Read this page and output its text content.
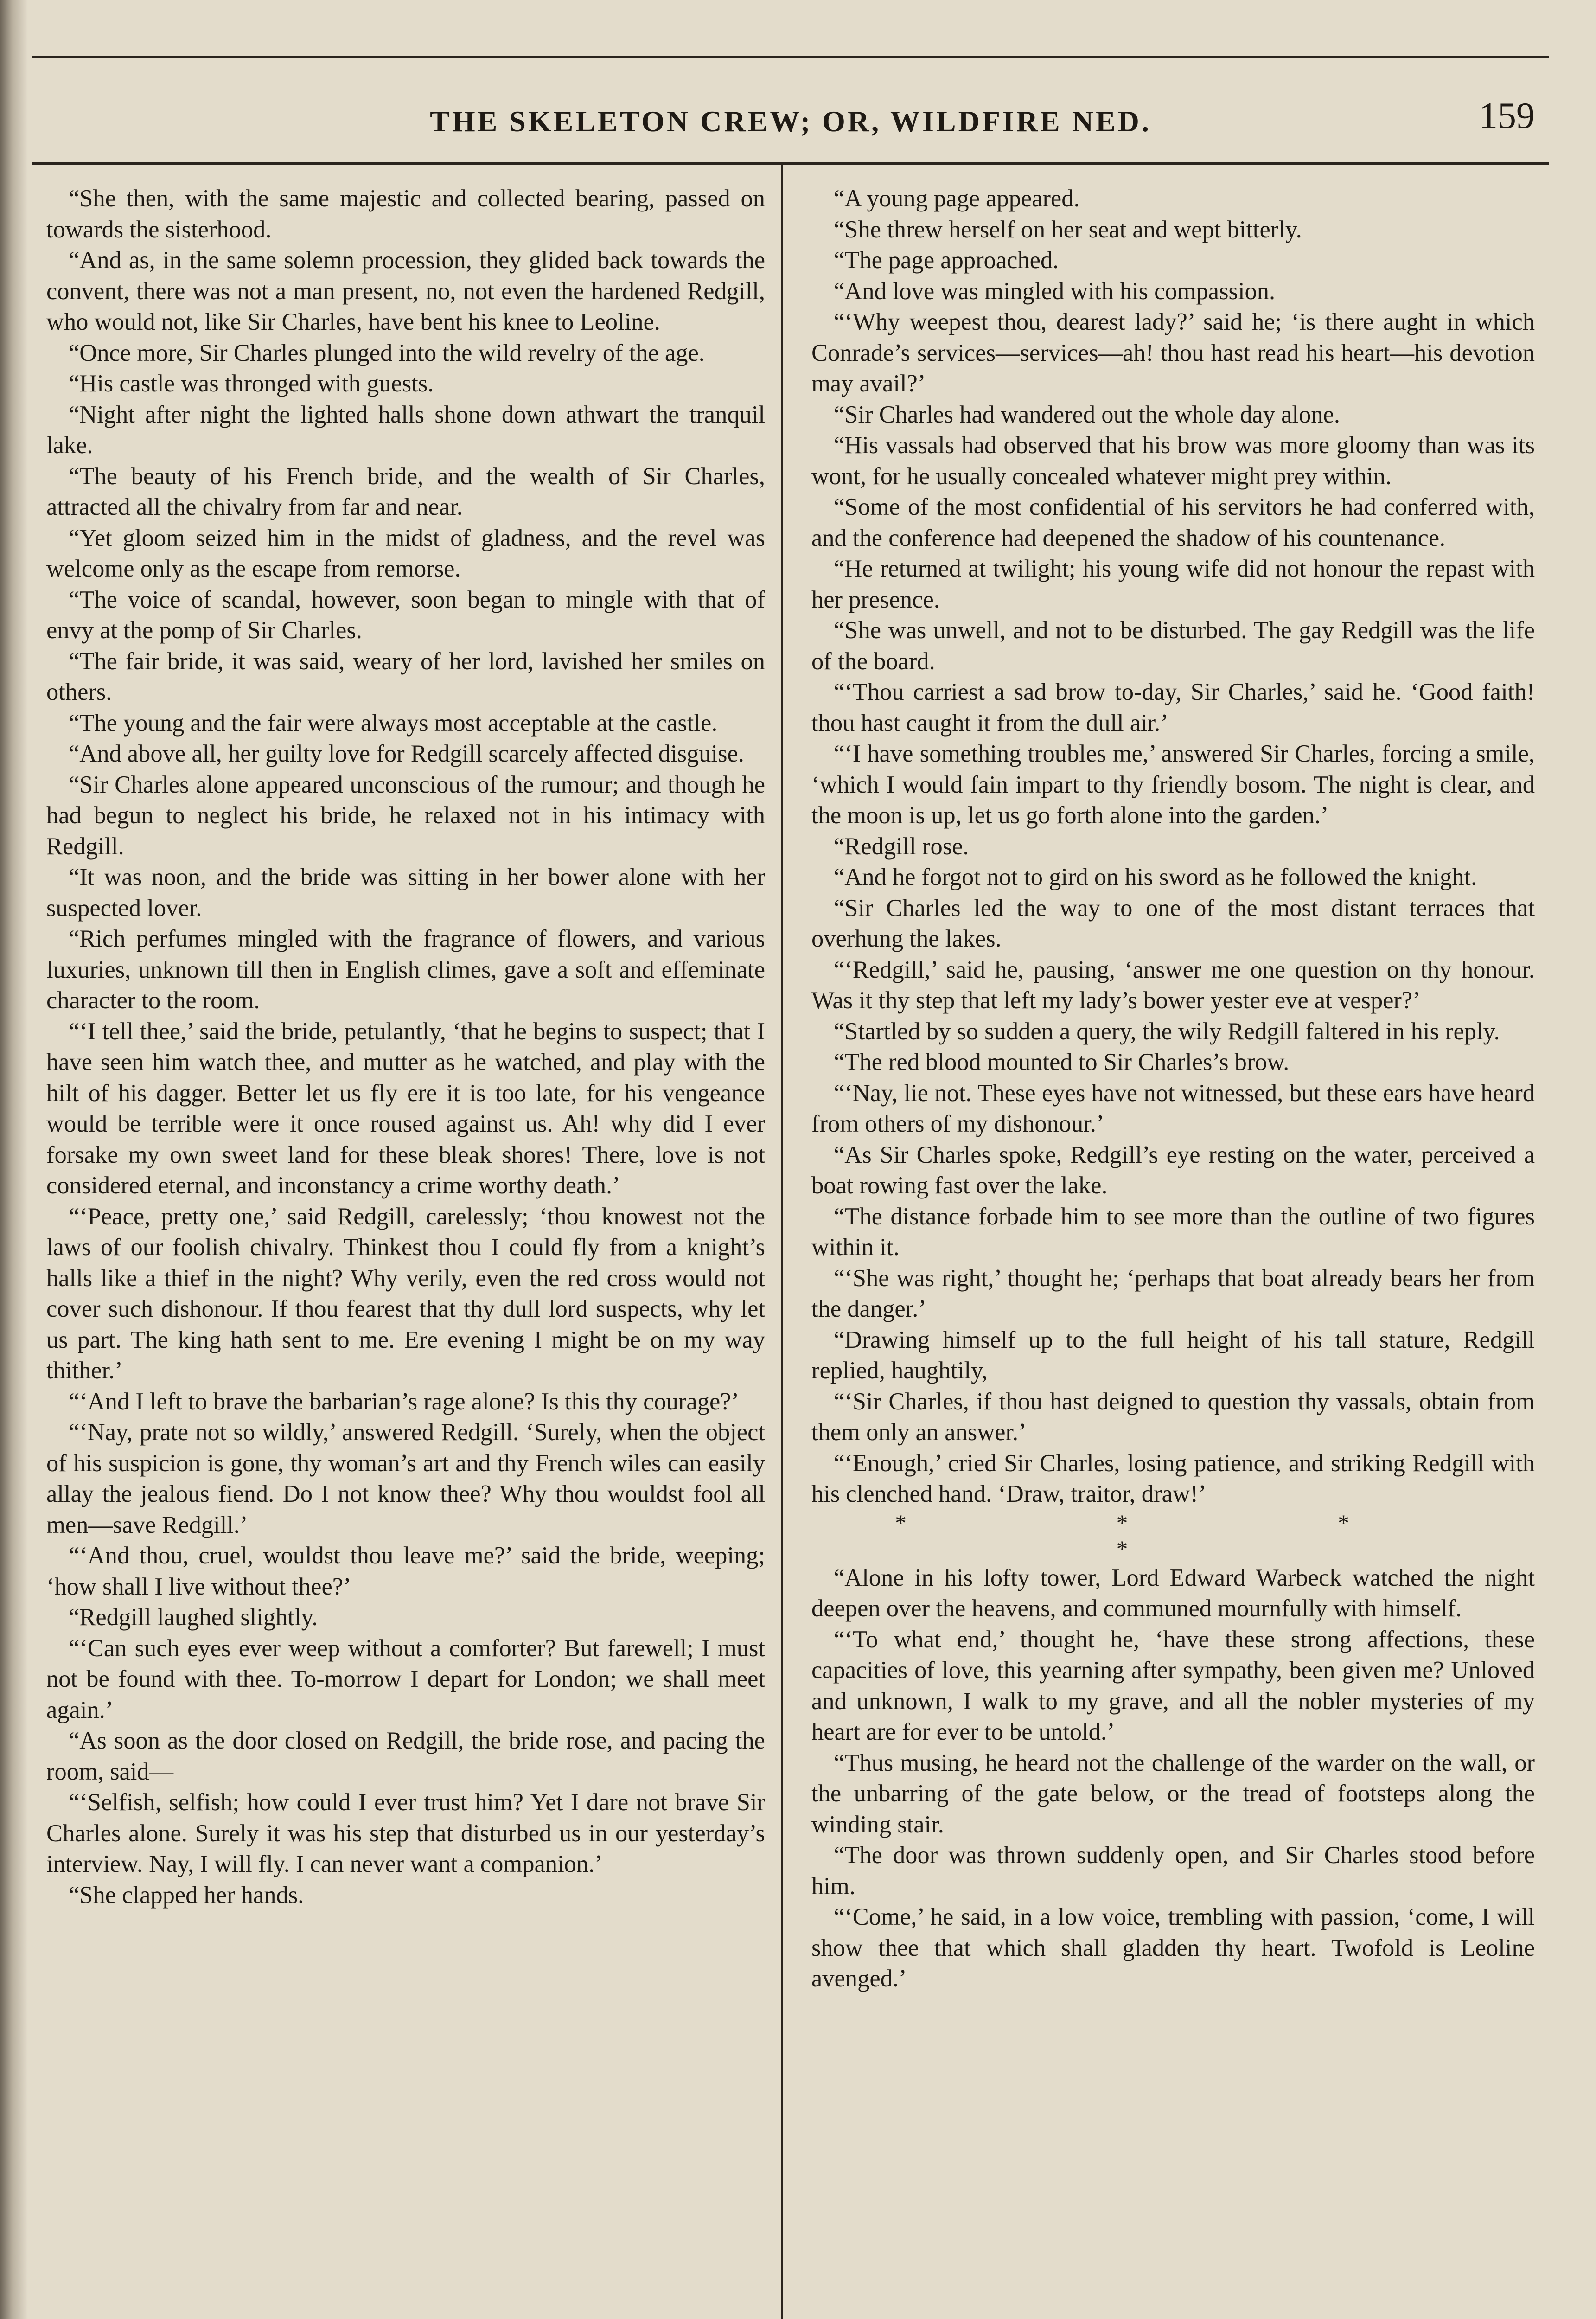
THE SKELETON CREW; OR, WILDFIRE NED.	159

“She then, with the same majestic and collected bearing, passed on towards the sisterhood.

“And as, in the same solemn procession, they glided back towards the convent, there was not a man present, no, not even the hardened Redgill, who would not, like Sir Charles, have bent his knee to Leoline.

“Once more, Sir Charles plunged into the wild revelry of the age.

“His castle was thronged with guests.

“Night after night the lighted halls shone down athwart the tranquil lake.

“The beauty of his French bride, and the wealth of Sir Charles, attracted all the chivalry from far and near.

“Yet gloom seized him in the midst of gladness, and the revel was welcome only as the escape from remorse.

“The voice of scandal, however, soon began to mingle with that of envy at the pomp of Sir Charles.

“The fair bride, it was said, weary of her lord, lavished her smiles on others.

“The young and the fair were always most acceptable at the castle.

“And above all, her guilty love for Redgill scarcely affected disguise.

“Sir Charles alone appeared unconscious of the rumour; and though he had begun to neglect his bride, he relaxed not in his intimacy with Redgill.

“It was noon, and the bride was sitting in her bower alone with her suspected lover.

“Rich perfumes mingled with the fragrance of flowers, and various luxuries, unknown till then in English climes, gave a soft and effeminate character to the room.

“‘I tell thee,’ said the bride, petulantly, ‘that he begins to suspect; that I have seen him watch thee, and mutter as he watched, and play with the hilt of his dagger. Better let us fly ere it is too late, for his vengeance would be terrible were it once roused against us. Ah! why did I ever forsake my own sweet land for these bleak shores! There, love is not considered eternal, and inconstancy a crime worthy death.’

“‘Peace, pretty one,’ said Redgill, carelessly; ‘thou knowest not the laws of our foolish chivalry. Thinkest thou I could fly from a knight’s halls like a thief in the night? Why verily, even the red cross would not cover such dishonour. If thou fearest that thy dull lord suspects, why let us part. The king hath sent to me. Ere evening I might be on my way thither.’

“‘And I left to brave the barbarian’s rage alone? Is this thy courage?’

“‘Nay, prate not so wildly,’ answered Redgill. ‘Surely, when the object of his suspicion is gone, thy woman’s art and thy French wiles can easily allay the jealous fiend. Do I not know thee? Why thou wouldst fool all men—save Redgill.’

“‘And thou, cruel, wouldst thou leave me?’ said the bride, weeping; ‘how shall I live without thee?’

“Redgill laughed slightly.

“‘Can such eyes ever weep without a comforter? But farewell; I must not be found with thee. To-morrow I depart for London; we shall meet again.’

“As soon as the door closed on Redgill, the bride rose, and pacing the room, said—

“‘Selfish, selfish; how could I ever trust him? Yet I dare not brave Sir Charles alone. Surely it was his step that disturbed us in our yesterday’s interview. Nay, I will fly. I can never want a companion.’

“She clapped her hands.

“A young page appeared.

“She threw herself on her seat and wept bitterly.

“The page approached.

“And love was mingled with his compassion.

“‘Why weepest thou, dearest lady?’ said he; ‘is there aught in which Conrade’s services—services—ah! thou hast read his heart—his devotion may avail?’

“Sir Charles had wandered out the whole day alone.

“His vassals had observed that his brow was more gloomy than was its wont, for he usually concealed whatever might prey within.

“Some of the most confidential of his servitors he had conferred with, and the conference had deepened the shadow of his countenance.

“He returned at twilight; his young wife did not honour the repast with her presence.

“She was unwell, and not to be disturbed. The gay Redgill was the life of the board.

“‘Thou carriest a sad brow to-day, Sir Charles,’ said he. ‘Good faith! thou hast caught it from the dull air.’

“‘I have something troubles me,’ answered Sir Charles, forcing a smile, ‘which I would fain impart to thy friendly bosom. The night is clear, and the moon is up, let us go forth alone into the garden.’

“Redgill rose.

“And he forgot not to gird on his sword as he followed the knight.

“Sir Charles led the way to one of the most distant terraces that overhung the lakes.

“‘Redgill,’ said he, pausing, ‘answer me one question on thy honour. Was it thy step that left my lady’s bower yester eve at vesper?’

“Startled by so sudden a query, the wily Redgill faltered in his reply.

“The red blood mounted to Sir Charles’s brow.

“‘Nay, lie not. These eyes have not witnessed, but these ears have heard from others of my dishonour.’

“As Sir Charles spoke, Redgill’s eye resting on the water, perceived a boat rowing fast over the lake.

“The distance forbade him to see more than the outline of two figures within it.

“‘She was right,’ thought he; ‘perhaps that boat already bears her from the danger.’

“Drawing himself up to the full height of his tall stature, Redgill replied, haughtily,

“‘Sir Charles, if thou hast deigned to question thy vassals, obtain from them only an answer.’

“‘Enough,’ cried Sir Charles, losing patience, and striking Redgill with his clenched hand. ‘Draw, traitor, draw!’

* * * *

“Alone in his lofty tower, Lord Edward Warbeck watched the night deepen over the heavens, and communed mournfully with himself.

“‘To what end,’ thought he, ‘have these strong affections, these capacities of love, this yearning after sympathy, been given me? Unloved and unknown, I walk to my grave, and all the nobler mysteries of my heart are for ever to be untold.’

“Thus musing, he heard not the challenge of the warder on the wall, or the unbarring of the gate below, or the tread of footsteps along the winding stair.

“The door was thrown suddenly open, and Sir Charles stood before him.

“‘Come,’ he said, in a low voice, trembling with passion, ‘come, I will show thee that which shall gladden thy heart. Twofold is Leoline avenged.’
